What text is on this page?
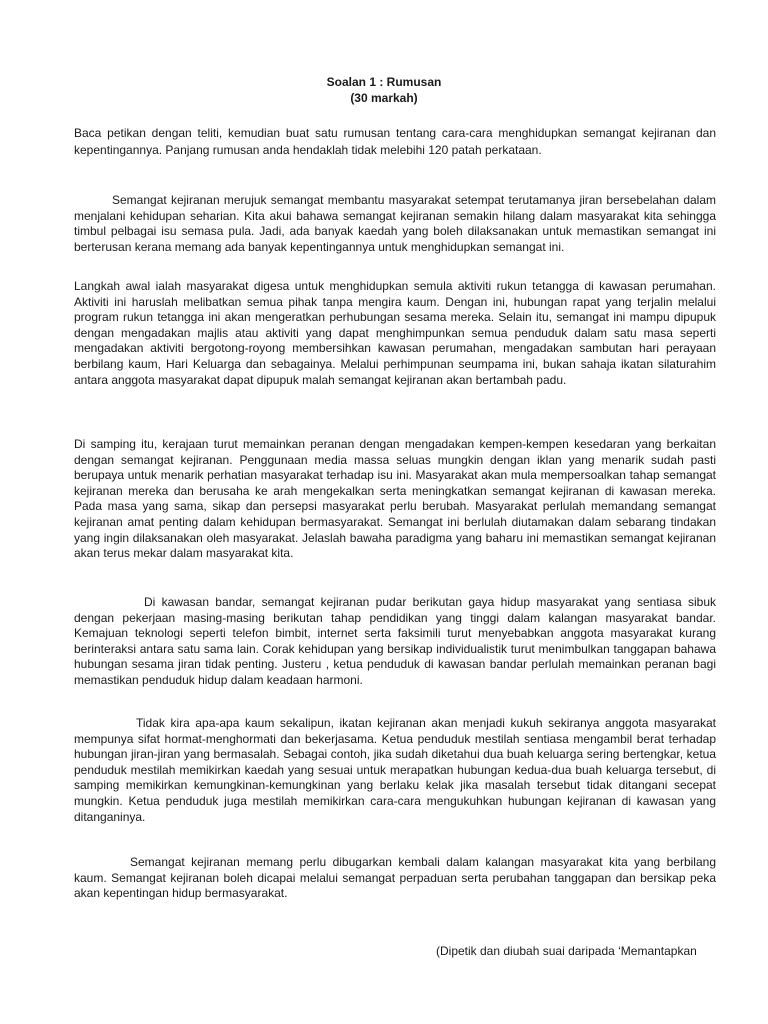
Soalan 1 : Rumusan
(30 markah)

Baca petikan dengan teliti, kemudian buat satu rumusan tentang cara-cara menghidupkan semangat kejiranan dan kepentingannya. Panjang rumusan anda hendaklah tidak melebihi 120 patah perkataan.

Semangat kejiranan merujuk semangat membantu masyarakat setempat terutamanya jiran bersebelahan dalam menjalani kehidupan seharian. Kita akui bahawa semangat kejiranan semakin hilang dalam masyarakat kita sehingga timbul pelbagai isu semasa pula. Jadi, ada banyak kaedah yang boleh dilaksanakan untuk memastikan semangat ini berterusan kerana memang ada banyak kepentingannya untuk menghidupkan semangat ini.

Langkah awal ialah masyarakat digesa untuk menghidupkan semula aktiviti rukun tetangga di kawasan perumahan. Aktiviti ini haruslah melibatkan semua pihak tanpa mengira kaum. Dengan ini, hubungan rapat yang terjalin melalui program rukun tetangga ini akan mengeratkan perhubungan sesama mereka. Selain itu, semangat ini mampu dipupuk dengan mengadakan majlis atau aktiviti yang dapat menghimpunkan semua penduduk dalam satu masa seperti mengadakan aktiviti bergotong-royong membersihkan kawasan perumahan, mengadakan sambutan hari perayaan berbilang kaum, Hari Keluarga dan sebagainya. Melalui perhimpunan seumpama ini, bukan sahaja ikatan silaturahim antara anggota masyarakat dapat dipupuk malah semangat kejiranan akan bertambah padu.

Di samping itu, kerajaan turut memainkan peranan dengan mengadakan kempen-kempen kesedaran yang berkaitan dengan semangat kejiranan. Penggunaan media massa seluas mungkin dengan iklan yang menarik sudah pasti berupaya untuk menarik perhatian masyarakat terhadap isu ini. Masyarakat akan mula mempersoalkan tahap semangat kejiranan mereka dan berusaha ke arah mengekalkan serta meningkatkan semangat kejiranan di kawasan mereka. Pada masa yang sama, sikap dan persepsi masyarakat perlu berubah. Masyarakat perlulah memandang semangat kejiranan amat penting dalam kehidupan bermasyarakat. Semangat ini berlulah diutamakan dalam sebarang tindakan yang ingin dilaksanakan oleh masyarakat. Jelaslah bawaha paradigma yang baharu ini memastikan semangat kejiranan akan terus mekar dalam masyarakat kita.

Di kawasan bandar, semangat kejiranan pudar berikutan gaya hidup masyarakat yang sentiasa sibuk dengan pekerjaan masing-masing berikutan tahap pendidikan yang tinggi dalam kalangan masyarakat bandar. Kemajuan teknologi seperti telefon bimbit, internet serta faksimili turut menyebabkan anggota masyarakat kurang berinteraksi antara satu sama lain. Corak kehidupan yang bersikap individualistik turut menimbulkan tanggapan bahawa hubungan sesama jiran tidak penting. Justeru , ketua penduduk di kawasan bandar perlulah memainkan peranan bagi memastikan penduduk hidup dalam keadaan harmoni.

Tidak kira apa-apa kaum sekalipun, ikatan kejiranan akan menjadi kukuh sekiranya anggota masyarakat mempunya sifat hormat-menghormati dan bekerjasama. Ketua penduduk mestilah sentiasa mengambil berat terhadap hubungan jiran-jiran yang bermasalah. Sebagai contoh, jika sudah diketahui dua buah keluarga sering bertengkar, ketua penduduk mestilah memikirkan kaedah yang sesuai untuk merapatkan hubungan kedua-dua buah keluarga tersebut, di samping memikirkan kemungkinan-kemungkinan yang berlaku kelak jika masalah tersebut tidak ditangani secepat mungkin. Ketua penduduk juga mestilah memikirkan cara-cara mengukuhkan hubungan kejiranan di kawasan yang ditanganinya.

Semangat kejiranan memang perlu dibugarkan kembali dalam kalangan masyarakat kita yang berbilang kaum. Semangat kejiranan boleh dicapai melalui semangat perpaduan serta perubahan tanggapan dan bersikap peka akan kepentingan hidup bermasyarakat.

(Dipetik dan diubah suai daripada ‘Memantapkan
